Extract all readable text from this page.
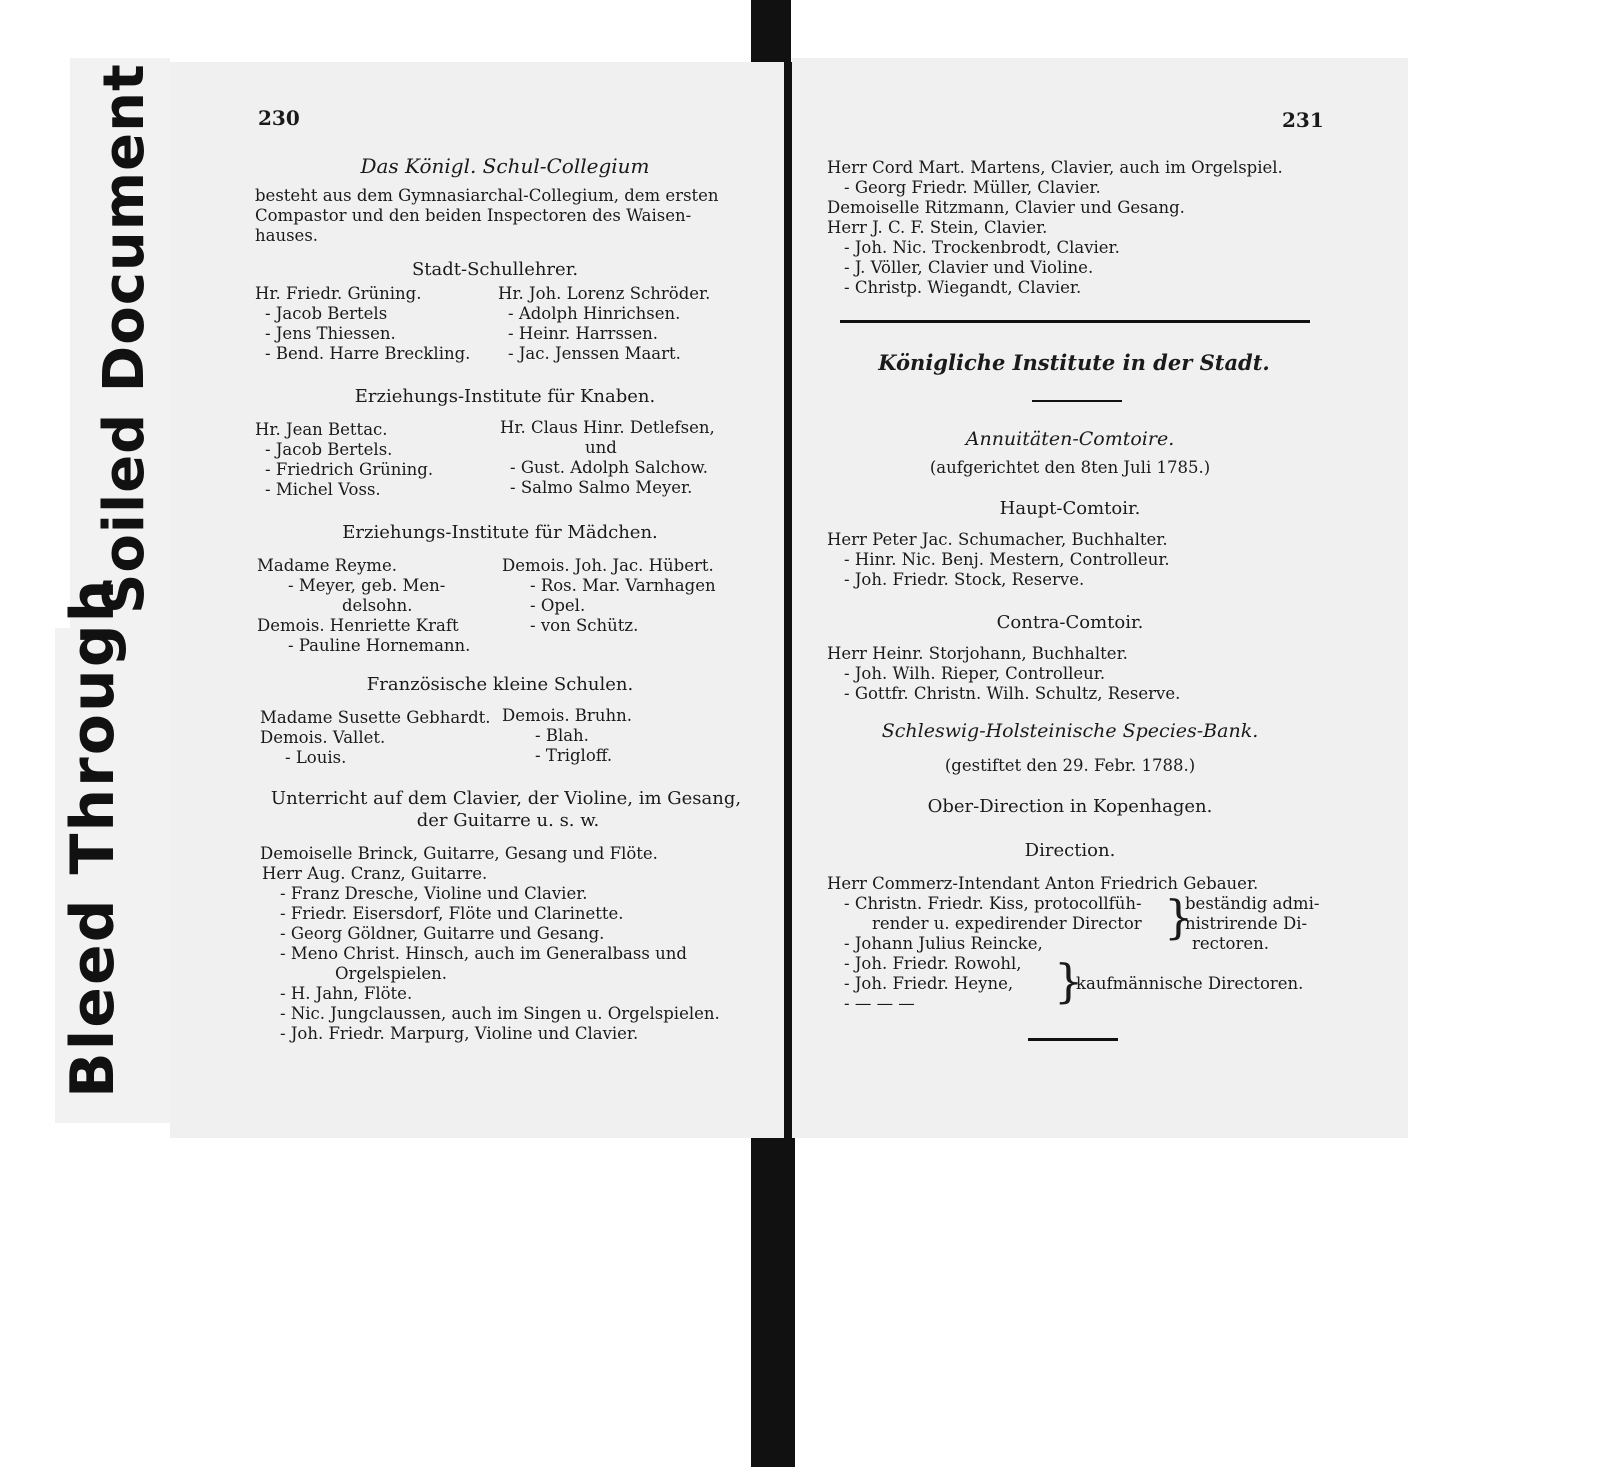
Soiled Document
Bleed Through
230
Das Königl. Schul-Collegium
besteht aus dem Gymnasiarchal-Collegium, dem ersten
Compastor und den beiden Inspectoren des Waisen-
hauses.
Stadt-Schullehrer.
Hr. Friedr. Grüning.
- Jacob Bertels
- Jens Thiessen.
- Bend. Harre Breckling.
Hr. Joh. Lorenz Schröder.
- Adolph Hinrichsen.
- Heinr. Harrssen.
- Jac. Jenssen Maart.
Erziehungs-Institute für Knaben.
Hr. Jean Bettac.
- Jacob Bertels.
- Friedrich Grüning.
- Michel Voss.
Hr. Claus Hinr. Detlefsen,
und
- Gust. Adolph Salchow.
- Salmo Salmo Meyer.
Erziehungs-Institute für Mädchen.
Madame Reyme.
- Meyer, geb. Men-
delsohn.
Demois. Henriette Kraft
- Pauline Hornemann.
Demois. Joh. Jac. Hübert.
- Ros. Mar. Varnhagen
- Opel.
- von Schütz.
Französische kleine Schulen.
Madame Susette Gebhardt.
Demois. Vallet.
- Louis.
Demois. Bruhn.
- Blah.
- Trigloff.
Unterricht auf dem Clavier, der Violine, im Gesang,
der Guitarre u. s. w.
Demoiselle Brinck, Guitarre, Gesang und Flöte.
Herr Aug. Cranz, Guitarre.
- Franz Dresche, Violine und Clavier.
- Friedr. Eisersdorf, Flöte und Clarinette.
- Georg Göldner, Guitarre und Gesang.
- Meno Christ. Hinsch, auch im Generalbass und
Orgelspielen.
- H. Jahn, Flöte.
- Nic. Jungclaussen, auch im Singen u. Orgelspielen.
- Joh. Friedr. Marpurg, Violine und Clavier.
231
Herr Cord Mart. Martens, Clavier, auch im Orgelspiel.
- Georg Friedr. Müller, Clavier.
Demoiselle Ritzmann, Clavier und Gesang.
Herr J. C. F. Stein, Clavier.
- Joh. Nic. Trockenbrodt, Clavier.
- J. Völler, Clavier und Violine.
- Christp. Wiegandt, Clavier.
Königliche Institute in der Stadt.
Annuitäten-Comtoire.
(aufgerichtet den 8ten Juli 1785.)
Haupt-Comtoir.
Herr Peter Jac. Schumacher, Buchhalter.
- Hinr. Nic. Benj. Mestern, Controlleur.
- Joh. Friedr. Stock, Reserve.
Contra-Comtoir.
Herr Heinr. Storjohann, Buchhalter.
- Joh. Wilh. Rieper, Controlleur.
- Gottfr. Christn. Wilh. Schultz, Reserve.
Schleswig-Holsteinische Species-Bank.
(gestiftet den 29. Febr. 1788.)
Ober-Direction in Kopenhagen.
Direction.
Herr Commerz-Intendant Anton Friedrich Gebauer.
- Christn. Friedr. Kiss, protocollfüh-
render u. expedirender Director
- Johann Julius Reincke,
- Joh. Friedr. Rowohl,
- Joh. Friedr. Heyne,
- — — —
}
beständig admi-
nistrirende Di-
rectoren.
}
kaufmännische Directoren.
